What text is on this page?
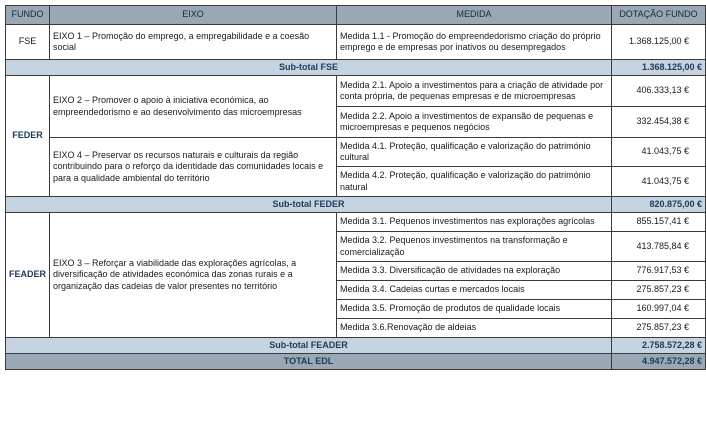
FUNDO	EIXO	MEDIDA	DOTAÇÃO FUNDO
FSE	EIXO 1 – Promoção do emprego, a empregabilidade e a coesão social	Medida 1.1 - Promoção do empreendedorismo criação do próprio emprego e de empresas por inativos ou desempregados	1.368.125,00 €
Sub-total FSE			1.368.125,00 €
FEDER	EIXO 2 – Promover o apoio à iniciativa económica, ao empreendedorismo e ao desenvolvimento das microempresas	Medida 2.1. Apoio a investimentos para a criação de atividade por conta própria, de pequenas empresas e de microempresas	406.333,13 €
		Medida 2.2. Apoio a investimentos de expansão de pequenas e microempresas e pequenos negócios	332.454,38 €
	EIXO 4 – Preservar os recursos naturais e culturais da região contribuindo para o reforço da identidade das comunidades locais e para a qualidade ambiental do território	Medida 4.1. Proteção, qualificação e valorização do património cultural	41.043,75 €
		Medida 4.2. Proteção, qualificação e valorização do património natural	41.043,75 €
Sub-total FEDER			820.875,00 €
FEADER	EIXO 3 – Reforçar a viabilidade das explorações agrícolas, a diversificação de atividades económica das zonas rurais e a organização das cadeias de valor presentes no território	Medida 3.1. Pequenos investimentos nas explorações agrícolas	855.157,41 €
		Medida 3.2. Pequenos investimentos na transformação e comercialização	413.785,84 €
		Medida 3.3. Diversificação de atividades na exploração	776.917,53 €
		Medida 3.4. Cadeias curtas e mercados locais	275.857,23 €
		Medida 3.5. Promoção de produtos de qualidade locais	160.997,04 €
		Medida 3.6.Renovação de aldeias	275.857,23 €
Sub-total FEADER			2.758.572,28 €
TOTAL EDL			4.947.572,28 €
